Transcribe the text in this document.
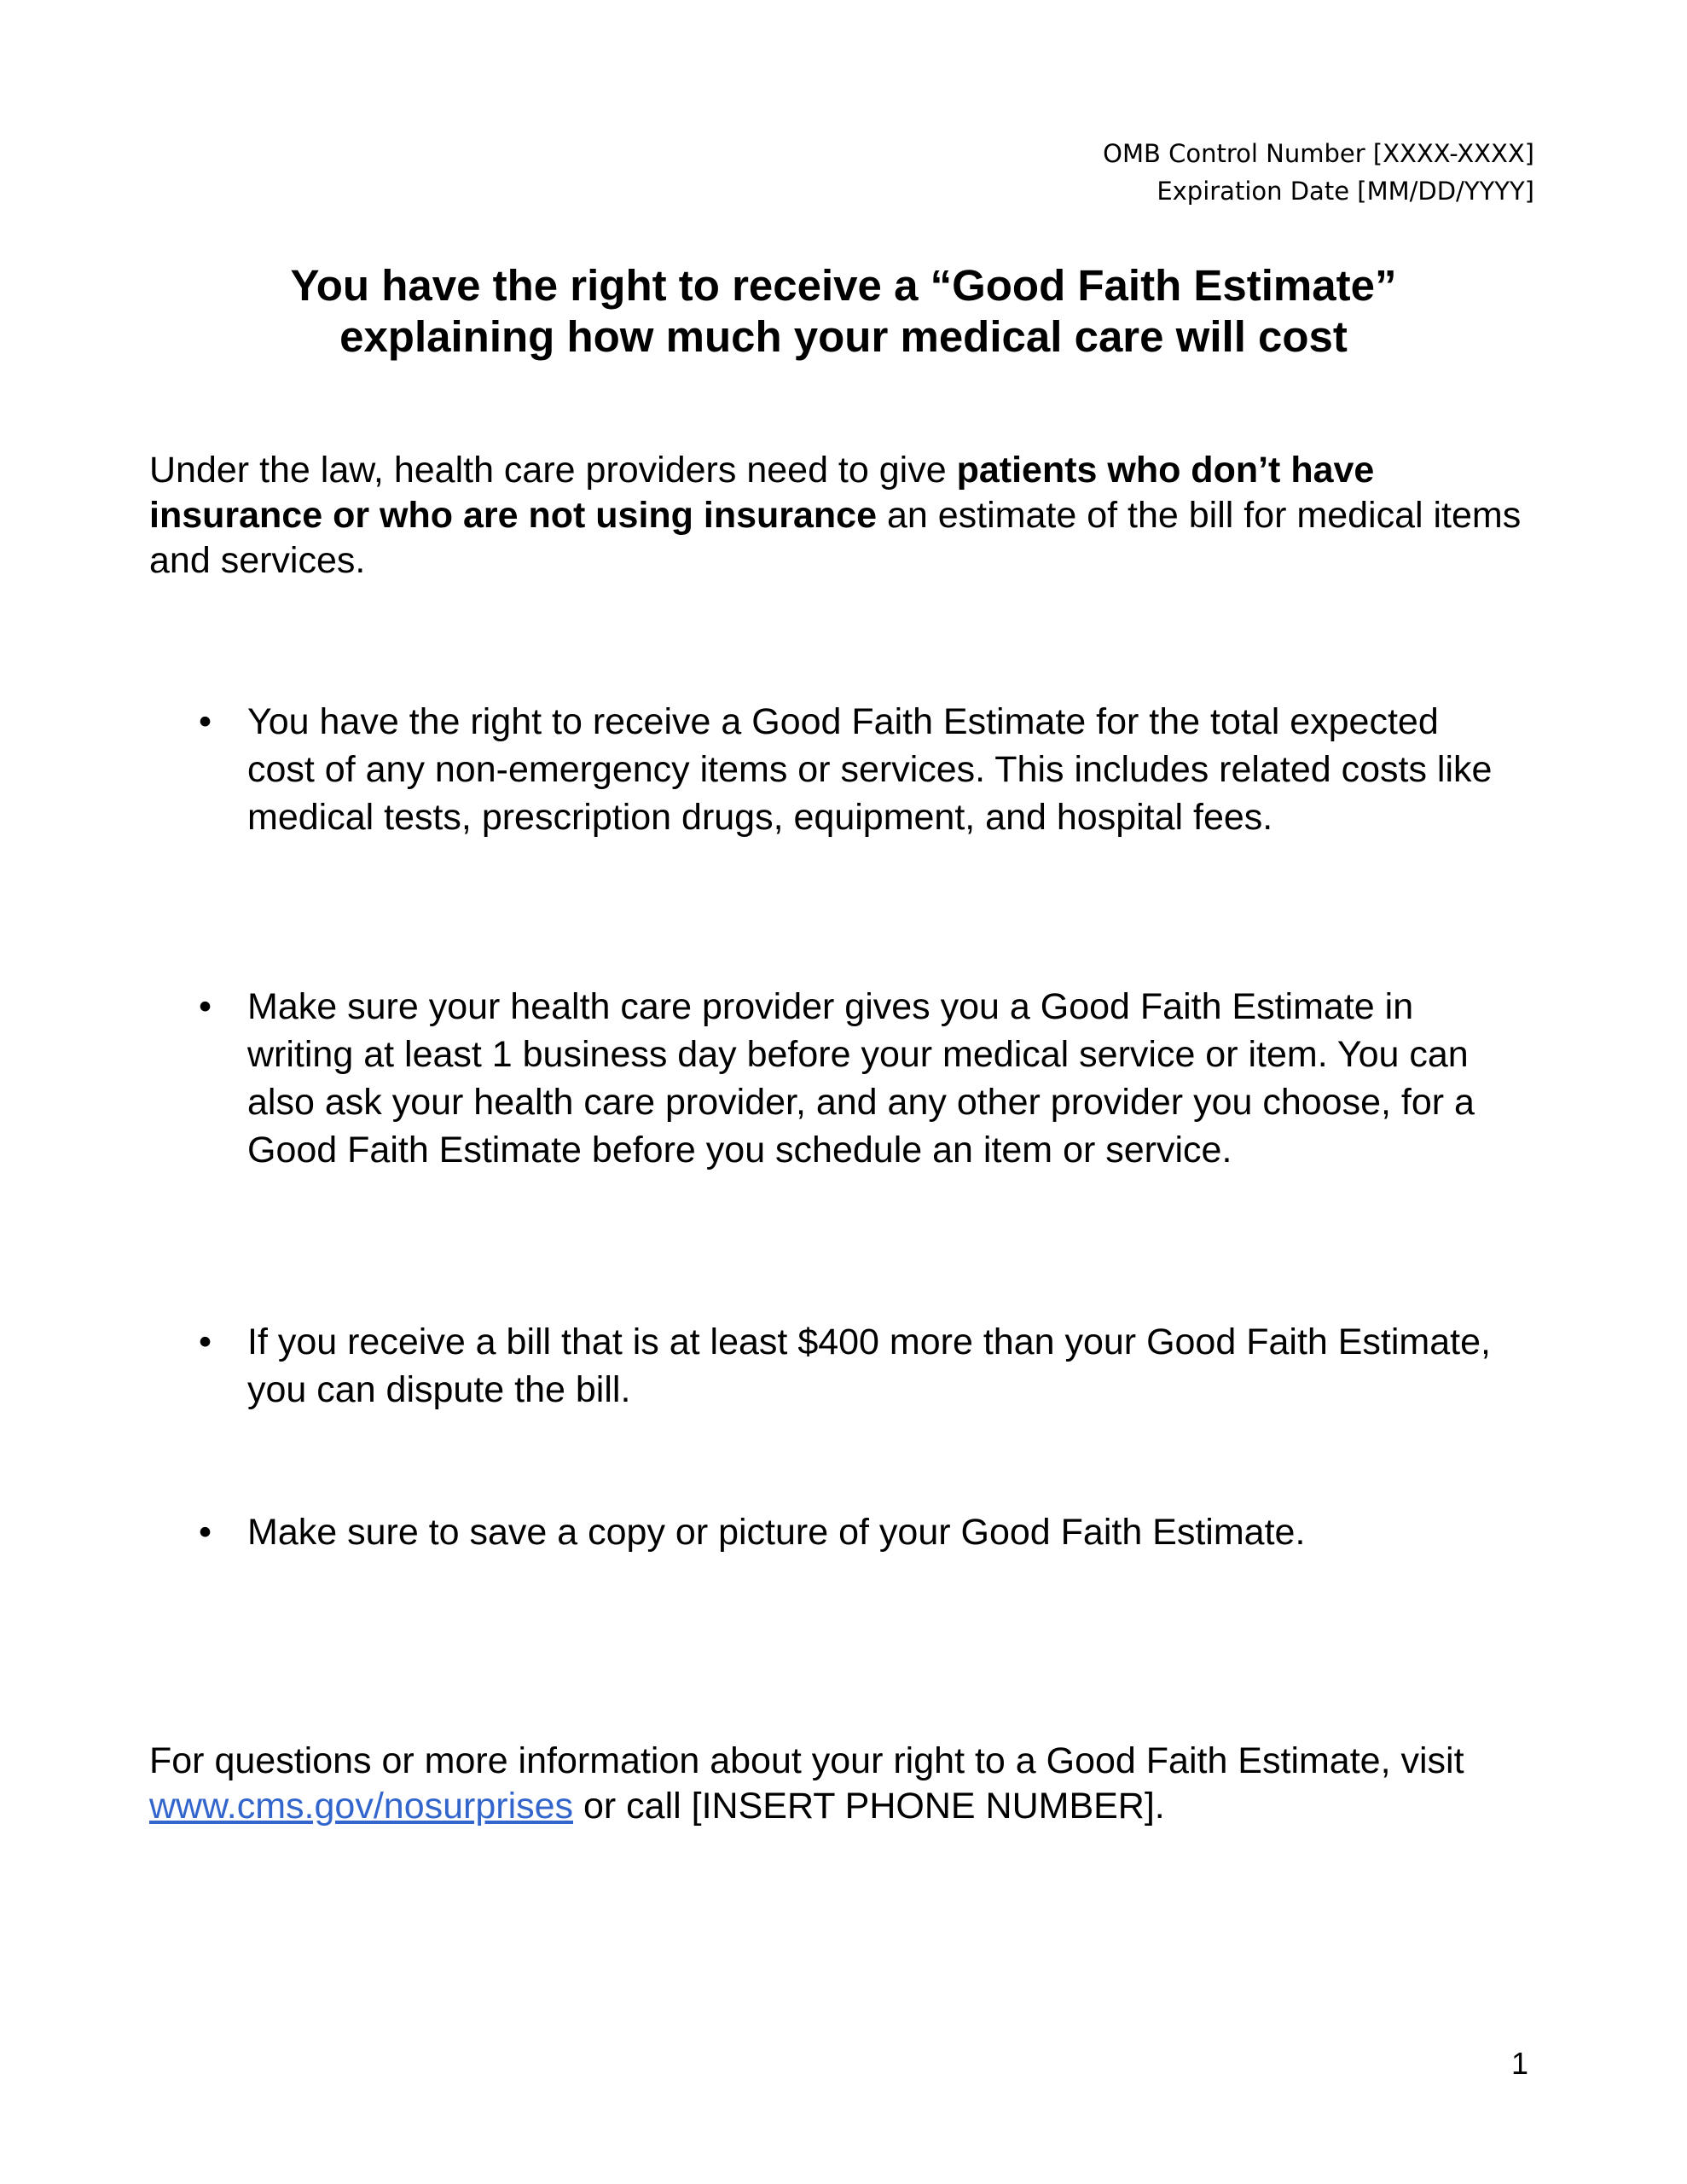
OMB Control Number [XXXX-XXXX]
Expiration Date [MM/DD/YYYY]
You have the right to receive a “Good Faith Estimate”
explaining how much your medical care will cost

Under the law, health care providers need to give patients who don’t have insurance or who are not using insurance an estimate of the bill for medical items and services.

• You have the right to receive a Good Faith Estimate for the total expected cost of any non-emergency items or services. This includes related costs like medical tests, prescription drugs, equipment, and hospital fees.
• Make sure your health care provider gives you a Good Faith Estimate in writing at least 1 business day before your medical service or item. You can also ask your health care provider, and any other provider you choose, for a Good Faith Estimate before you schedule an item or service.
• If you receive a bill that is at least $400 more than your Good Faith Estimate, you can dispute the bill.
• Make sure to save a copy or picture of your Good Faith Estimate.

For questions or more information about your right to a Good Faith Estimate, visit www.cms.gov/nosurprises or call [INSERT PHONE NUMBER].

1
